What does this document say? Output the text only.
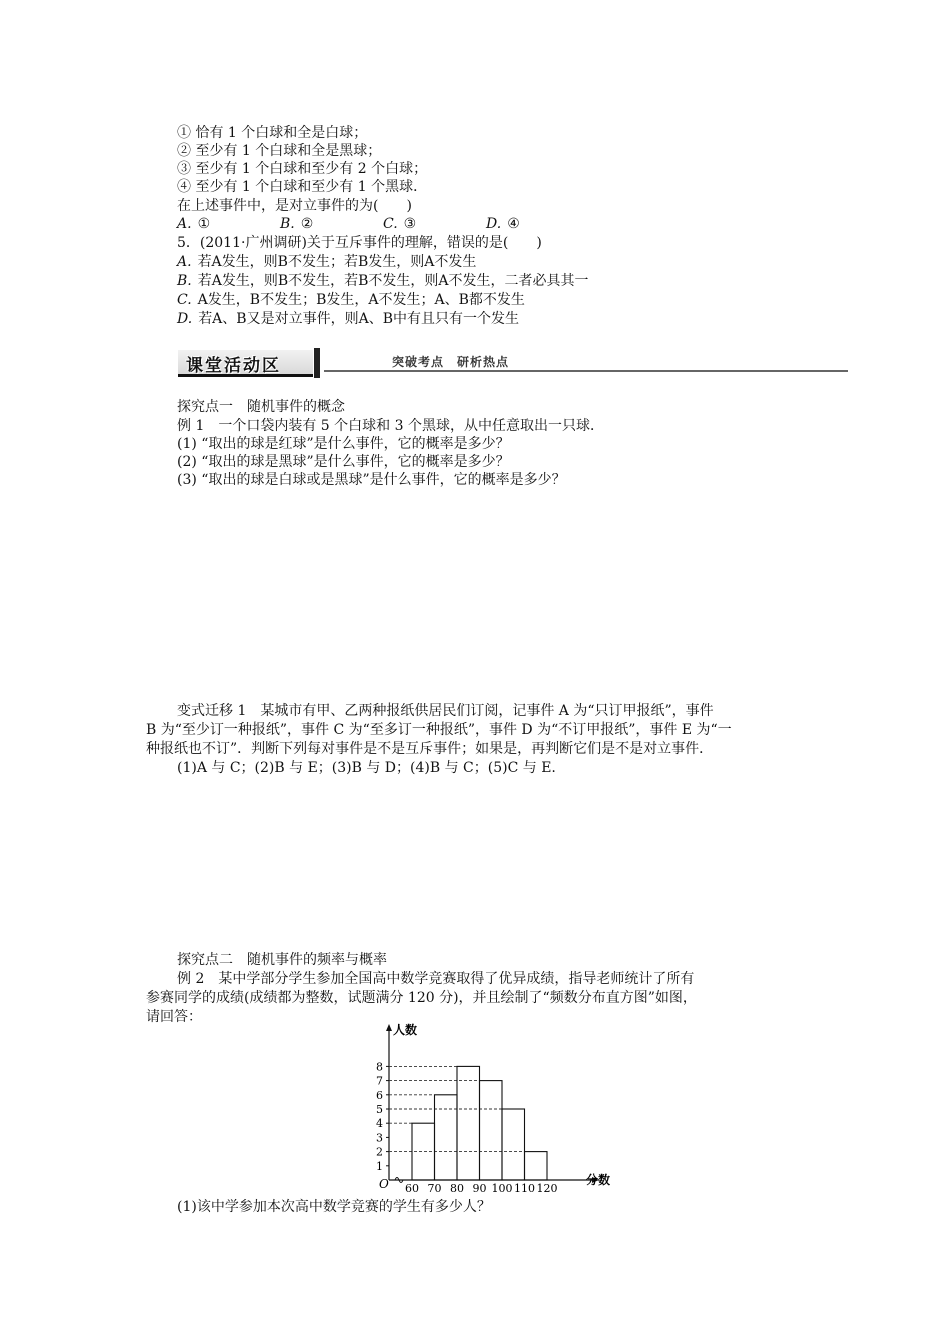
① 恰有 1 个白球和全是白球；
② 至少有 1 个白球和全是黑球；
③ 至少有 1 个白球和至少有 2 个白球；
④ 至少有 1 个白球和至少有 1 个黑球．
在上述事件中，是对立事件的为(　　)
A. ①	B. ②	C. ③	D. ④
5．(2011·广州调研)关于互斥事件的理解，错误的是(　　)
A. 若A发生，则B不发生；若B发生，则A不发生
B. 若A发生，则B不发生，若B不发生，则A不发生，二者必具其一
C. A发生，B不发生；B发生，A不发生；A、B都不发生
D. 若A、B又是对立事件，则A、B中有且只有一个发生
课堂活动区	突破考点　研析热点
探究点一　随机事件的概念
例 1　一个口袋内装有 5 个白球和 3 个黑球，从中任意取出一只球．
(1) “取出的球是红球”是什么事件，它的概率是多少？
(2) “取出的球是黑球”是什么事件，它的概率是多少？
(3) “取出的球是白球或是黑球”是什么事件，它的概率是多少？
变式迁移 1　某城市有甲、乙两种报纸供居民们订阅，记事件 A 为“只订甲报纸”，事件
B 为“至少订一种报纸”，事件 C 为“至多订一种报纸”，事件 D 为“不订甲报纸”，事件 E 为“一
种报纸也不订”．判断下列每对事件是不是互斥事件；如果是，再判断它们是不是对立事件．
(1)A 与 C；(2)B 与 E；(3)B 与 D；(4)B 与 C；(5)C 与 E.
探究点二　随机事件的频率与概率
例 2　某中学部分学生参加全国高中数学竞赛取得了优异成绩，指导老师统计了所有
参赛同学的成绩(成绩都为整数，试题满分 120 分)，并且绘制了“频数分布直方图”如图，
请回答：
人数
分数
O
1
2
3
4
5
6
7
8
60 70 80 90 100 110 120
(1)该中学参加本次高中数学竞赛的学生有多少人？
